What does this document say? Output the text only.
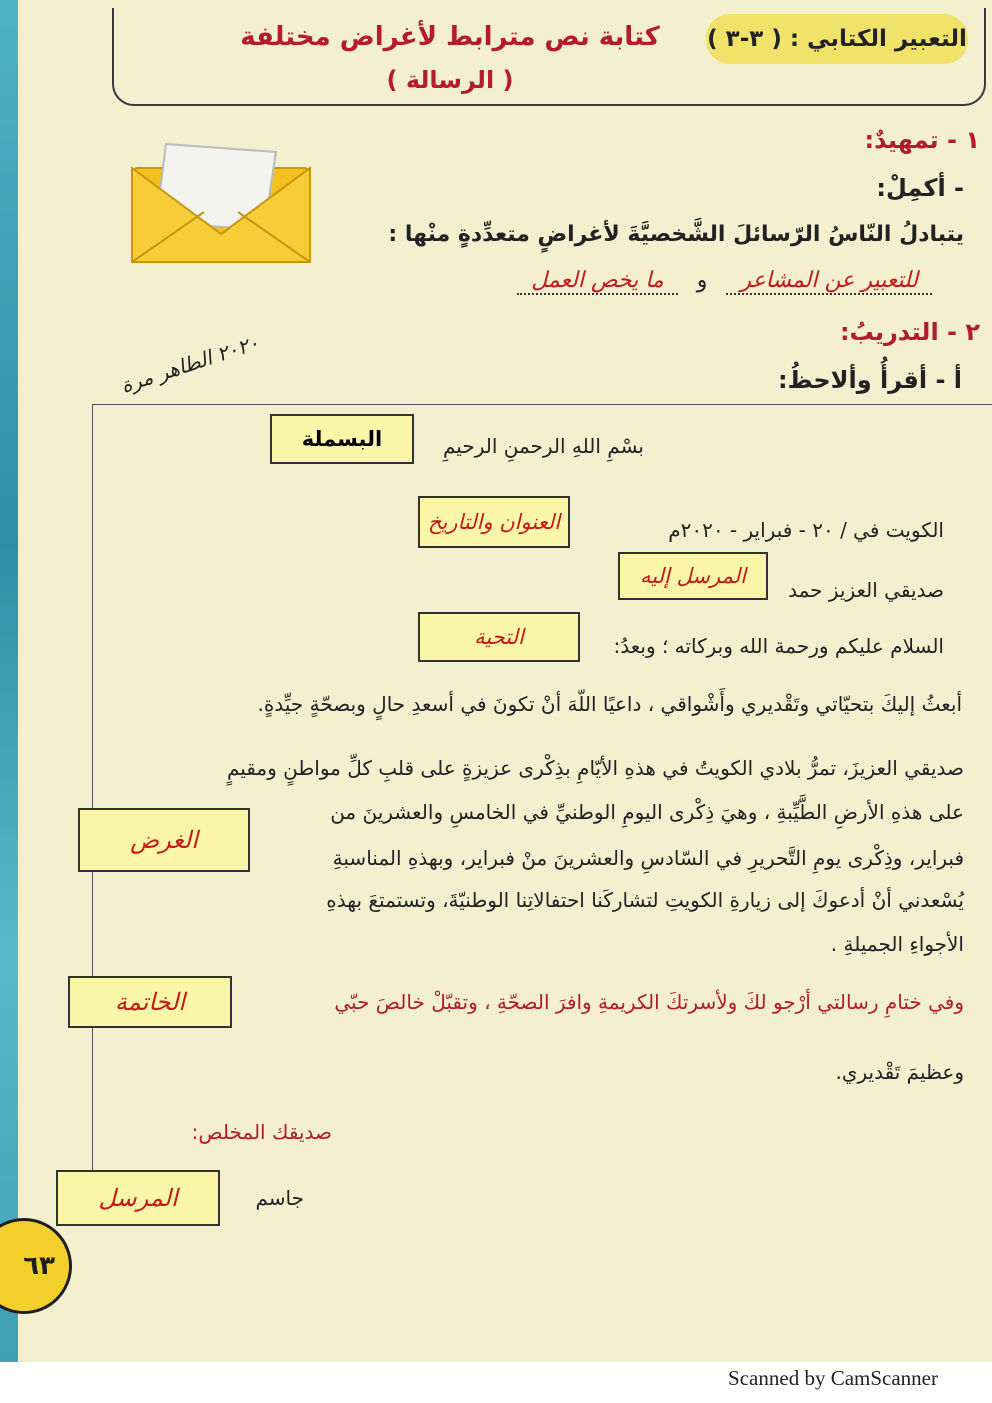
التعبير الكتابي : ( ٣-٣ )
كتابة نص مترابط لأغراض مختلفة
( الرسالة )
١ - تمهيدٌ:
- أكمِلْ:
يتبادلُ النّاسُ الرّسائلَ الشَّخصيَّةَ لأغراضٍ متعدِّدةٍ منْها :
للتعبير عن المشاعر و ما يخص العمل
٢ - التدريبُ:
أ - أقرأُ وألاحظُ:
٢٠٢٠ الطاهر مرة
بسْمِ اللهِ الرحمنِ الرحيمِ
البسملة
الكويت في / ٢٠ - فبراير - ٢٠٢٠م
العنوان والتاريخ
صديقي العزيز حمد
المرسل إليه
السلام عليكم ورحمة الله وبركاته ؛ وبعدُ:
التحية
أبعثُ إليكَ بتحيّاتي وتَقْديري وأَشْواقي ، داعيًا اللّهَ أنْ تكونَ في أسعدِ حالٍ وبصحّةٍ جيِّدةٍ.
صديقي العزيزَ، تمرُّ بلادي الكويتُ في هذهِ الأيّامِ بذِكْرى عزيزةٍ على قلبِ كلِّ مواطنٍ ومقيمٍ
على هذهِ الأرضِ الطَّيِّبةِ ، وهيَ ذِكْرى اليومِ الوطنيِّ في الخامسِ والعشرينَ من
فبراير، وذِكْرى يومِ التَّحريرِ في السّادسِ والعشرينَ منْ فبراير، وبهذهِ المناسبةِ
يُسْعدني أنْ أدعوكَ إلى زيارةِ الكويتِ لتشاركَنا احتفالاتِنا الوطنيّةَ، وتستمتعَ بهذهِ
الأجواءِ الجميلةِ .
الغرض
وفي ختامِ رسالتي أرْجو لكَ ولأسرتكَ الكريمةِ وافرَ الصحّةِ ، وتقبّلْ خالصَ حبّي
وعظيمَ تَقْديري.
الخاتمة
صديقك المخلص:
جاسم
المرسل
٦٣
Scanned by CamScanner
